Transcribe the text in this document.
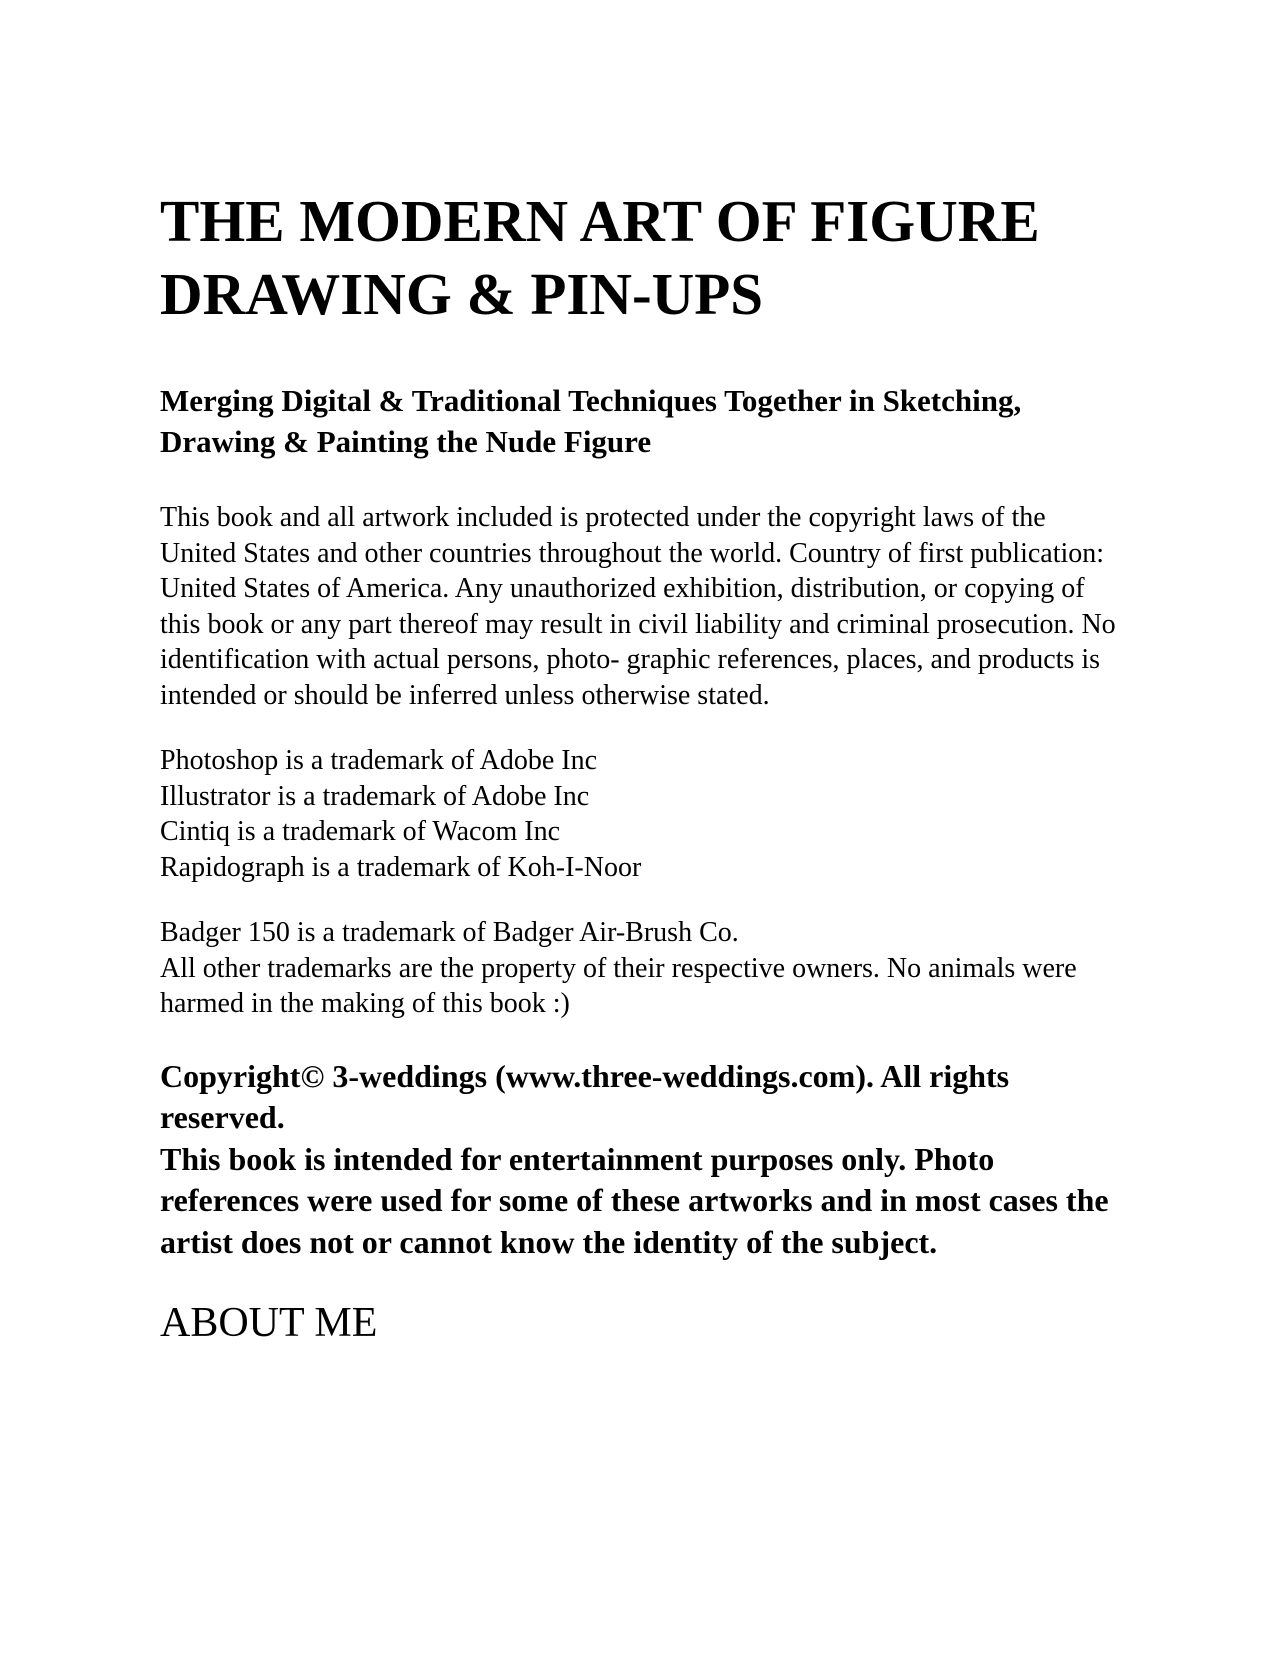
THE MODERN ART OF FIGURE DRAWING & PIN-UPS
Merging Digital & Traditional Techniques Together in Sketching, Drawing & Painting the Nude Figure

This book and all artwork included is protected under the copyright laws of the United States and other countries throughout the world. Country of first publication: United States of America. Any unauthorized exhibition, distribution, or copying of this book or any part thereof may result in civil liability and criminal prosecution. No identification with actual persons, photo- graphic references, places, and products is intended or should be inferred unless otherwise stated.

Photoshop is a trademark of Adobe Inc
Illustrator is a trademark of Adobe Inc
Cintiq is a trademark of Wacom Inc
Rapidograph is a trademark of Koh-I-Noor
Badger 150 is a trademark of Badger Air-Brush Co.
All other trademarks are the property of their respective owners. No animals were harmed in the making of this book :)
Copyright© 3-weddings (www.three-weddings.com). All rights reserved.
This book is intended for entertainment purposes only. Photo references were used for some of these artworks and in most cases the artist does not or cannot know the identity of the subject.
ABOUT ME
